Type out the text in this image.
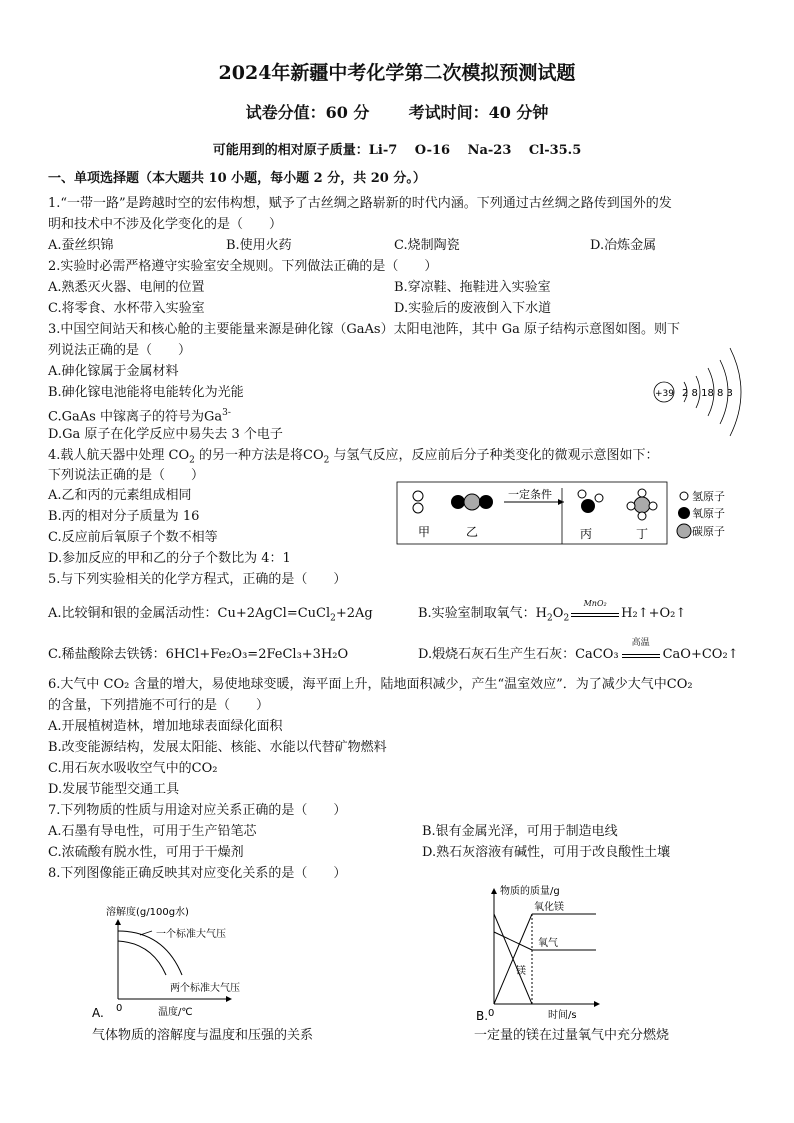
2024年新疆中考化学第二次模拟预测试题
试卷分值：60 分 考试时间：40 分钟
可能用到的相对原子质量：Li-7　 O-16　 Na-23　 Cl-35.5
一、单项选择题（本大题共 10 小题，每小题 2 分，共 20 分。）
1.“一带一路”是跨越时空的宏伟构想，赋予了古丝绸之路崭新的时代内涵。下列通过古丝绸之路传到国外的发
明和技术中不涉及化学变化的是（　　）
A.蚕丝织锦	B.使用火药	C.烧制陶瓷	D.冶炼金属
2.实验时必需严格遵守实验室安全规则。下列做法正确的是（　　）
A.熟悉灭火器、电闸的位置	B.穿凉鞋、拖鞋进入实验室
C.将零食、水杯带入实验室	D.实验后的废液倒入下水道
3.中国空间站天和核心舱的主要能量来源是砷化镓（GaAs）太阳电池阵，其中 Ga 原子结构示意图如图。则下
列说法正确的是（　　）
A.砷化镓属于金属材料
B.砷化镓电池能将电能转化为光能
C.GaAs 中镓离子的符号为$Ga^{3-}$
D.Ga 原子在化学反应中易失去 3 个电子
+39 2 8 18 8 3
4.载人航天器中处理 $CO_2$ 的另一种方法是将$CO_2$ 与氢气反应，反应前后分子种类变化的微观示意图如下：
下列说法正确的是（　　）
A.乙和丙的元素组成相同
B.丙的相对分子质量为 16
C.反应前后氧原子个数不相等
D.参加反应的甲和乙的分子个数比为 4：1
一定条件
甲	乙	丙	丁
氢原子
氧原子
碳原子
5.与下列实验相关的化学方程式，正确的是（　　）
A.比较铜和银的金属活动性：Cu+2AgCl=CuCl$_2$+2Ag	B.实验室制取氧气：$H_2O_2$
MnO₂
H₂↑+O₂↑
C.稀盐酸除去铁锈：6HCl+Fe₂O₃=2FeCl₃+3H₂O	D.煅烧石灰石生产生石灰：CaCO₃
高温
CaO+CO₂↑
6.大气中 CO₂ 含量的增大，易使地球变暖，海平面上升，陆地面积减少，产生“温室效应”．为了减少大气中CO₂
的含量，下列措施不可行的是（　　）
A.开展植树造林，增加地球表面绿化面积
B.改变能源结构，发展太阳能、核能、水能以代替矿物燃料
C.用石灰水吸收空气中的CO₂
D.发展节能型交通工具
7.下列物质的性质与用途对应关系正确的是（　　）
A.石墨有导电性，可用于生产铅笔芯	B.银有金属光泽，可用于制造电线
C.浓硫酸有脱水性，可用于干燥剂	D.熟石灰溶液有碱性，可用于改良酸性土壤
8.下列图像能正确反映其对应变化关系的是（　　）
溶解度(g/100g水)
一个标准大气压
两个标准大气压
0	温度/℃
A.
气体物质的溶解度与温度和压强的关系
物质的质量/g
氧化镁
氧气
镁
0	时间/s
B.
一定量的镁在过量氧气中充分燃烧
